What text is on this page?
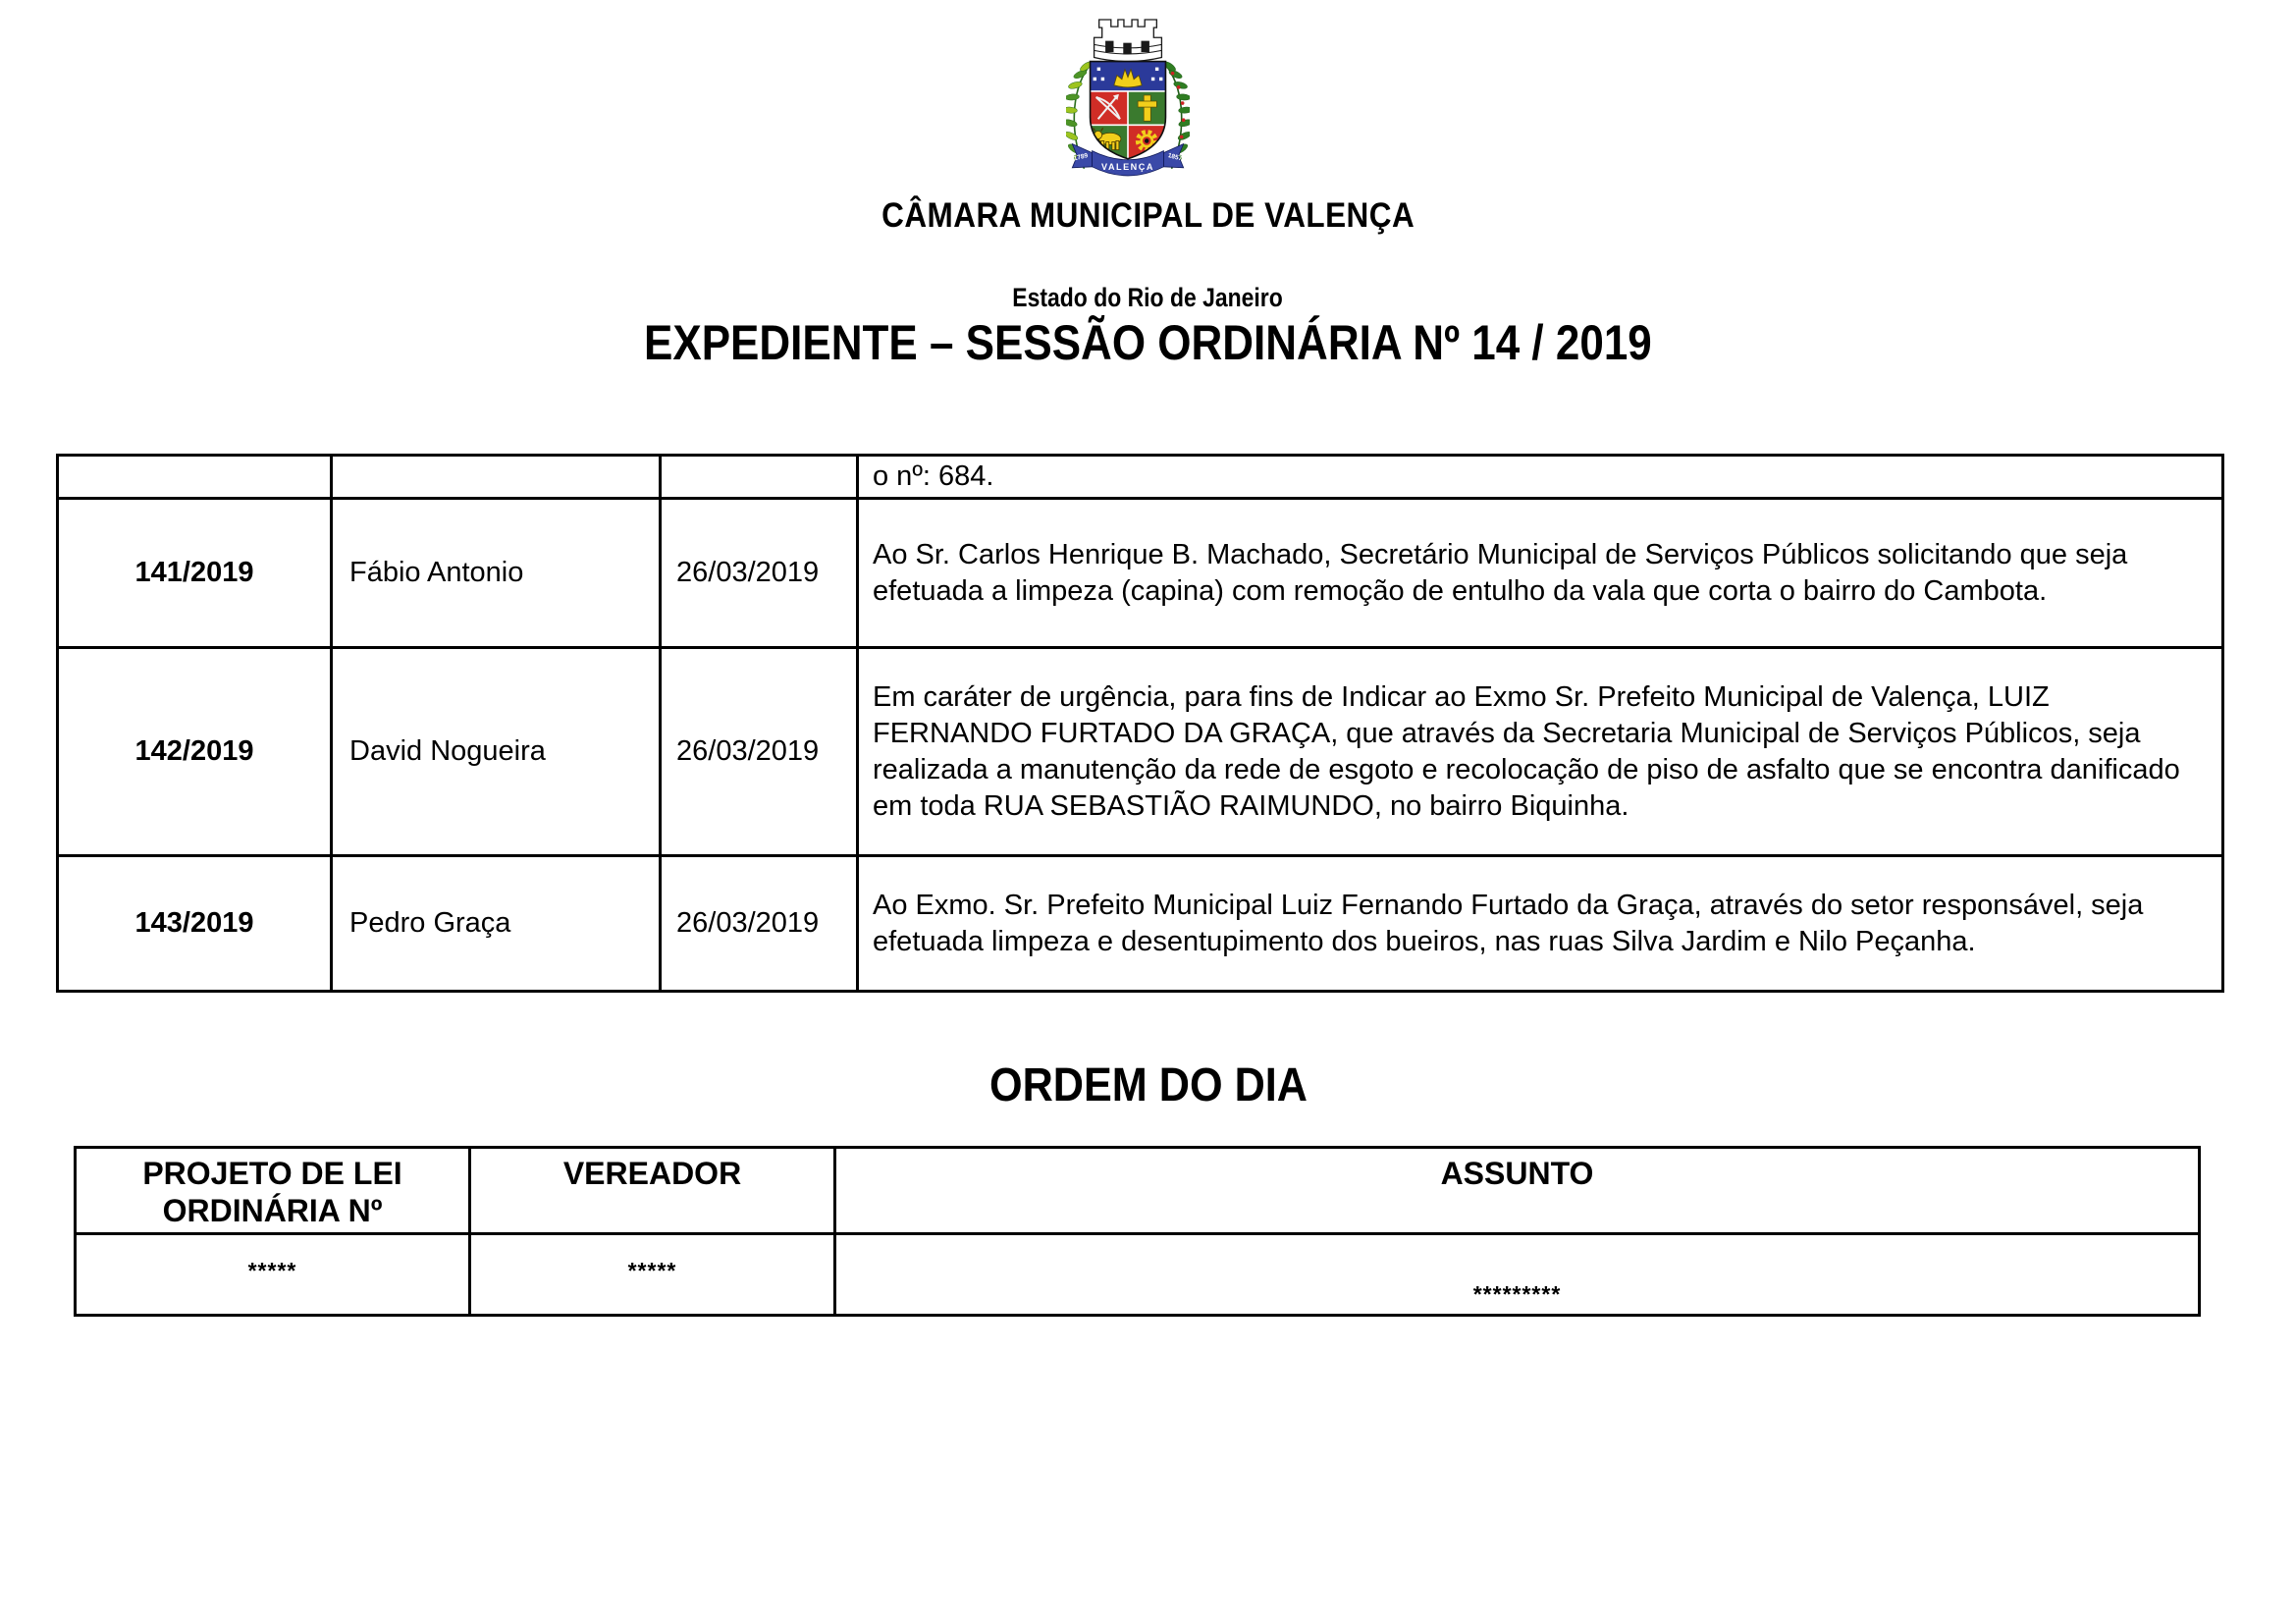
1789
VALENÇA
1857
CÂMARA MUNICIPAL DE VALENÇA
Estado do Rio de Janeiro
EXPEDIENTE – SESSÃO ORDINÁRIA Nº 14 / 2019
			o nº: 684.
141/2019	Fábio Antonio	26/03/2019	Ao Sr. Carlos Henrique B. Machado, Secretário Municipal de Serviços Públicos solicitando que seja efetuada a limpeza (capina) com remoção de entulho da vala que corta o bairro do Cambota.
142/2019	David Nogueira	26/03/2019	Em caráter de urgência, para fins de Indicar ao Exmo Sr. Prefeito Municipal de Valença, LUIZ FERNANDO FURTADO DA GRAÇA, que através da Secretaria Municipal de Serviços Públicos, seja realizada a manutenção da rede de esgoto e recolocação de piso de asfalto que se encontra danificado em toda RUA SEBASTIÃO RAIMUNDO, no bairro Biquinha.
143/2019	Pedro Graça	26/03/2019	Ao Exmo. Sr. Prefeito Municipal Luiz Fernando Furtado da Graça, através do setor responsável, seja efetuada limpeza e desentupimento dos bueiros, nas ruas Silva Jardim e Nilo Peçanha.
ORDEM DO DIA
PROJETO DE LEI ORDINÁRIA Nº	VEREADOR	ASSUNTO
*****	*****	*********
